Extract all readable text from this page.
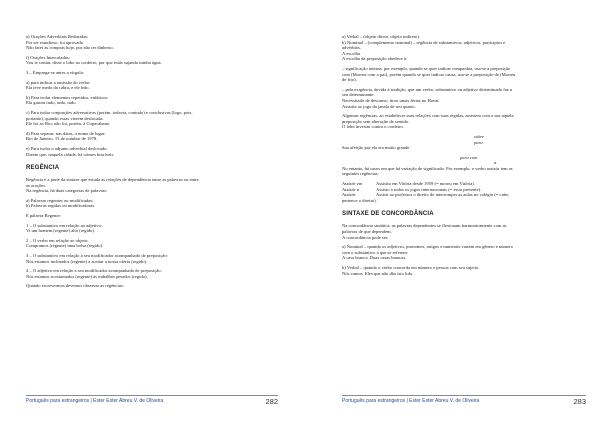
a) Orações Adverbiais Reduzidas:
Por ser estudioso, foi aprovado.
Não farei as compras hoje, por não ter dinheiro.
f) Orações Intercaladas:
Vou te contar, disse o lobo ao cordeiro, por que estás sujando minha água.
3 – Emprega-se antes a vírgula:
a) para indicar a omissão do verbo:
Ela teve medo da cabra, e ele leão.
b) Para isolar elementos repetidos, enfáticos:
Ela gastou tudo, tudo, tudo.
c) Para isolar conjunções adversativas (porém, todavia, contudo) e conclusivas (logo, pois,
portanto), quando essas vierem deslocada.
Ele foi ao Rio; não foi, porém, à Copacabana.
d) Para separar, nas datas, o nome de lugar:
Rio de Janeiro, 15 de outubro de 1978.
e) Para isolar o adjunto adverbial deslocado:
Dizem que, naquela cidade, há crimes horríveis.
REGÊNCIA
Regência é a parte da sintaxe que estuda as relações de dependência entre as palavras ou entre
as orações.
Na regência, há duas categorias de palavras:
a) Palavras regentes ou modificadas;
b) Palavras regidas ou modificadoras.
E palavra Regente:
1 – O substantivo em relação ao adjetivo:
Vi um homem (regente) alto (regido).
2 – O verbo em relação ao objeto:
Compramos (regente) uma bolsa (regido).
3 – O substantivo em relação a seu modificador acompanhado de preposição:
Nós estamos inclinados (regente) a aceitar a nossa oferta (regido).
4 – O adjetivo em relação a seu modificador acompanhado de preposição:
Nós estamos acostumados (regente) às trabalhos pesados (regido).
Quando escrevermos devemos observar as regências:
Português para estrangeiros | Ester Ester Abreu V. de Oliveira	282
a) Verbal – (objeto direto, objeto indireto).
b) Nominal – (complemento nominal) – regência de substantivos, adjetivos, particípios e
advérbios.
A escolha
A escolha da preposição obedece à:
– significação interna, por exemplo, quando se quer indicar companhia, usa-se a preposição
com (Morreu com o pai), porém quando se quer indicar causa, usa-se a preposição de (Morreu
de frio).
– pela exigência, devida à tradição, que um verbo, substantivo ou adjetivo determinado faz a
seu determinante:
Necessitado de descanso, tirou umas férias no Havaí.
Assistia ao jogo da janela de seu quarto.
Algumas regências, ao estabelecer suas relações com suas regidas, assistem com a sua aquela
preposição sem alteração de sentido.
O lobo investiu contra o cordeiro.
sobre
para
Sua afeição por ela era muito grande.
para com
a
No entanto, há casos em que há variação de significado. Por exemplo, o verbo assistir tem as
seguintes regências:
Assistir em	Assistiu em Vitória desde 1959 (= morou em Vitória).
Assistir a	Assisto a todos os jogos internacionais (= estar presente).
Assistir	Assisti ao professor o direito de interromper as aulas no colégio (= cabe,
pertence o direito).
SINTAXE DE CONCORDÂNCIA
Na concordância sintática, as palavras dependentes se flexionam harmonicamente com as
palavras de que dependem.
A concordância pode ser:
a) Nominal – quando os adjetivos, pronomes, artigos e numerais variam em gênero e número
com o substantivo a que se referem:
A casa branca. Duas casas brancas.
b) Verbal – quando o verbo concorda em número e pessoa com seu sujeito.
Nós vamos. Eles que não dão isto lido.
Português para estrangeiros | Ester Ester Abreu V. de Oliveira	283
